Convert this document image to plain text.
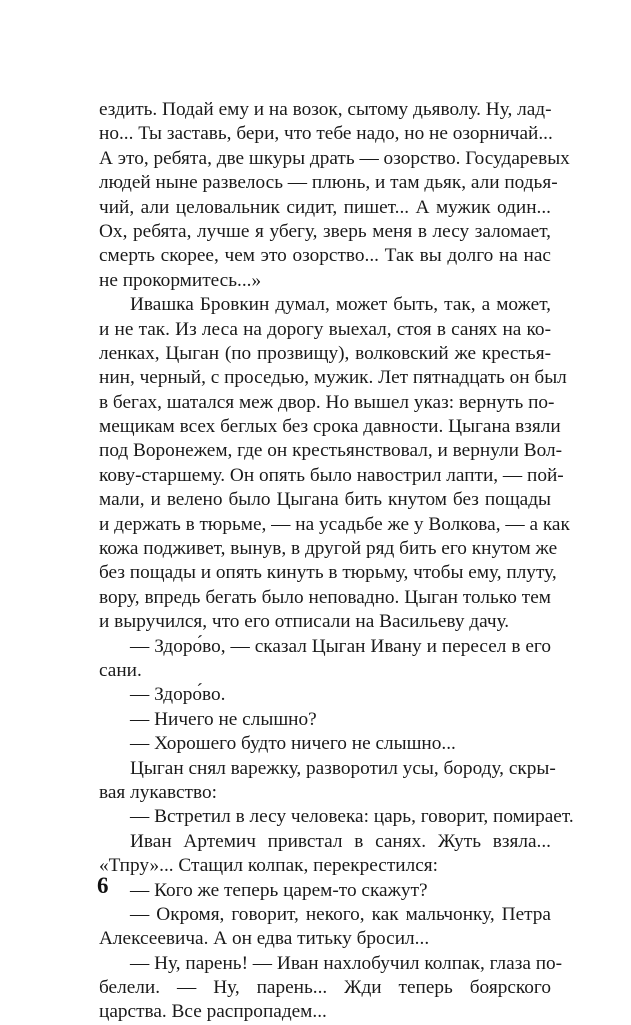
ездить. Подай ему и на возок, сытому дьяволу. Ну, лад-
но... Ты заставь, бери, что тебе надо, но не озорничай...
А это, ребята, две шкуры драть — озорство. Государевых
людей ныне развелось — плюнь, и там дьяк, али подья-
чий, али целовальник сидит, пишет... А мужик один...
Ох, ребята, лучше я убегу, зверь меня в лесу заломает,
смерть скорее, чем это озорство... Так вы долго на нас
не прокормитесь...»
Ивашка Бровкин думал, может быть, так, а может,
и не так. Из леса на дорогу выехал, стоя в санях на ко-
ленках, Цыган (по прозвищу), волковский же крестья-
нин, черный, с проседью, мужик. Лет пятнадцать он был
в бегах, шатался меж двор. Но вышел указ: вернуть по-
мещикам всех беглых без срока давности. Цыгана взяли
под Воронежем, где он крестьянствовал, и вернули Вол-
кову-старшему. Он опять было навострил лапти, — пой-
мали, и велено было Цыгана бить кнутом без пощады
и держать в тюрьме, — на усадьбе же у Волкова, — а как
кожа подживет, вынув, в другой ряд бить его кнутом же
без пощады и опять кинуть в тюрьму, чтобы ему, плуту,
вору, впредь бегать было неповадно. Цыган только тем
и выручился, что его отписали на Васильеву дачу.
— Здоро́во, — сказал Цыган Ивану и пересел в его
сани.
— Здоро́во.
— Ничего не слышно?
— Хорошего будто ничего не слышно...
Цыган снял варежку, разворотил усы, бороду, скры-
вая лукавство:
— Встретил в лесу человека: царь, говорит, помирает.
Иван Артемич привстал в санях. Жуть взяла...
«Тпру»... Стащил колпак, перекрестился:
— Кого же теперь царем-то скажут?
— Окромя, говорит, некого, как мальчонку, Петра
Алексеевича. А он едва титьку бросил...
— Ну, парень! — Иван нахлобучил колпак, глаза по-
белели. — Ну, парень... Жди теперь боярского
царства. Все распропадем...
6
